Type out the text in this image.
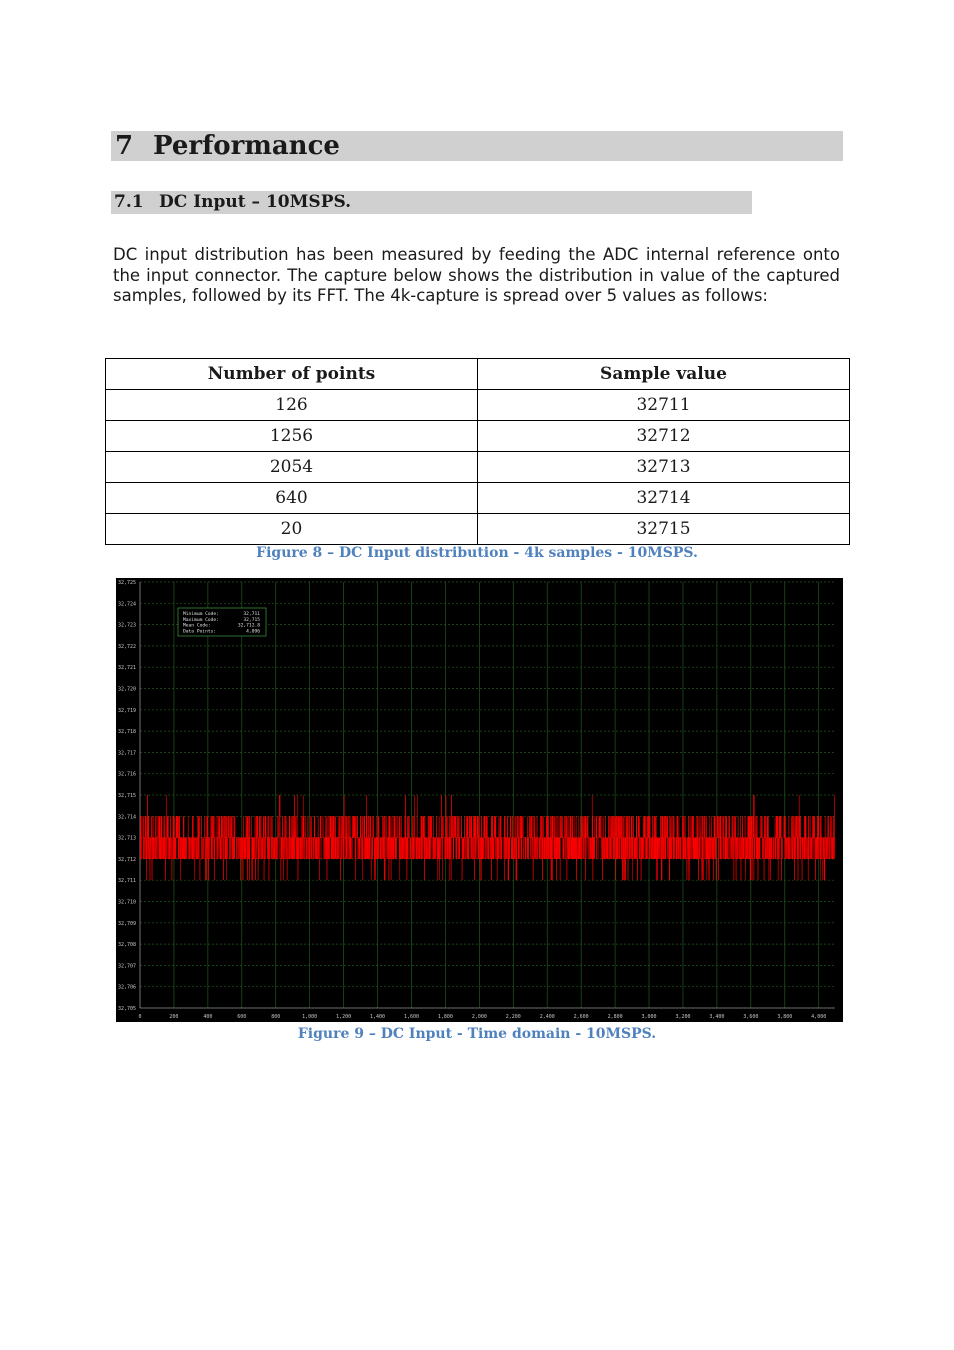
7 Performance
7.1 DC Input – 10MSPS.

DC input distribution has been measured by feeding the ADC internal reference onto the input connector. The capture below shows the distribution in value of the captured samples, followed by its FFT. The 4k-capture is spread over 5 values as follows:

Number of points	Sample value
126	32711
1256	32712
2054	32713
640	32714
20	32715
Figure 8 – DC Input distribution - 4k samples - 10MSPS.
32,725
32,724
32,723
32,722
32,721
32,720
32,719
32,718
32,717
32,716
32,715
32,714
32,713
32,712
32,711
32,710
32,709
32,708
32,707
32,706
32,705
0	200	400	600	800	1,000	1,200	1,400	1,600	1,800	2,000	2,200	2,400	2,600	2,800	3,000	3,200	3,400	3,600	3,800	4,000
Minimum Code:	32,711
Maximum Code:	32,715
Mean Code:	32,712.8
Data Points:	4,096
Figure 9 – DC Input - Time domain - 10MSPS.
